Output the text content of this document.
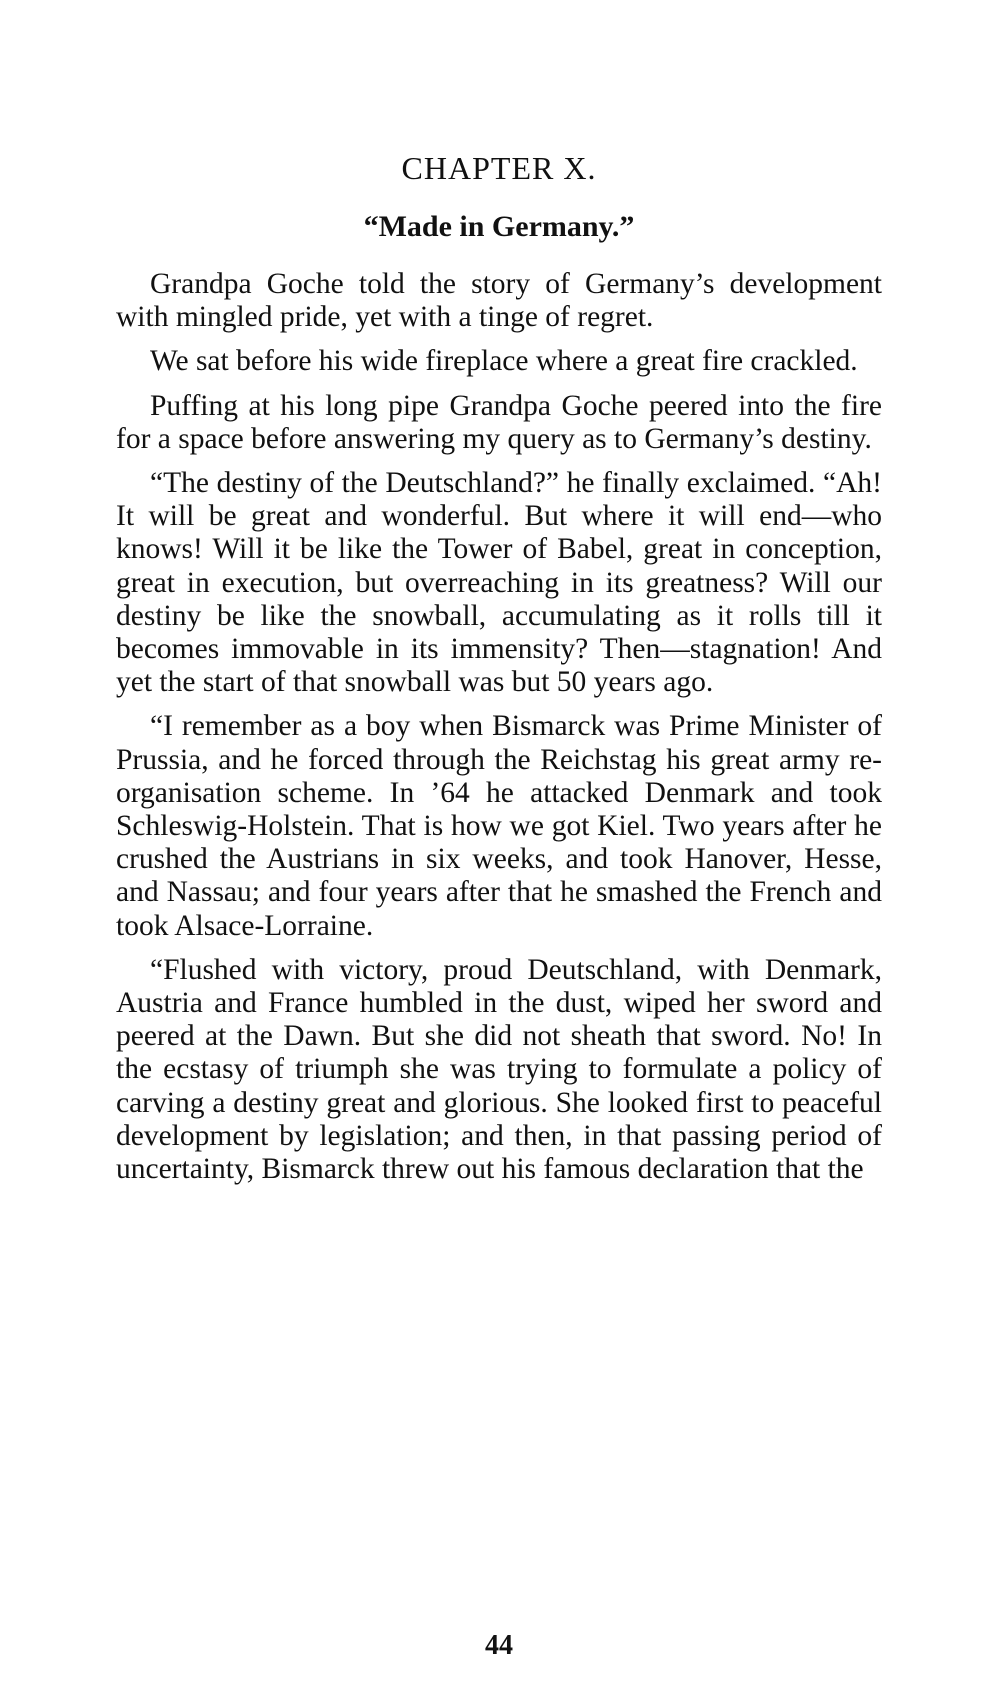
CHAPTER X.
“Made in Germany.”

Grandpa Goche told the story of Germany’s development with mingled pride, yet with a tinge of regret.

We sat before his wide fireplace where a great fire crackled.

Puffing at his long pipe Grandpa Goche peered into the fire for a space before answering my query as to Germany’s destiny.

“The destiny of the Deutschland?” he finally exclaimed. “Ah! It will be great and wonderful. But where it will end—who knows! Will it be like the Tower of Babel, great in conception, great in execution, but overreaching in its greatness? Will our destiny be like the snowball, accumulating as it rolls till it becomes immovable in its immensity? Then—stagnation! And yet the start of that snowball was but 50 years ago.

“I remember as a boy when Bismarck was Prime Minister of Prussia, and he forced through the Reichstag his great army re-organisation scheme. In ’64 he attacked Denmark and took Schleswig-Holstein. That is how we got Kiel. Two years after he crushed the Austrians in six weeks, and took Hanover, Hesse, and Nassau; and four years after that he smashed the French and took Alsace-Lorraine.

“Flushed with victory, proud Deutschland, with Denmark, Austria and France humbled in the dust, wiped her sword and peered at the Dawn. But she did not sheath that sword. No! In the ecstasy of triumph she was trying to formulate a policy of carving a destiny great and glorious. She looked first to peaceful development by legislation; and then, in that passing period of uncertainty, Bismarck threw out his famous declaration that the

44
